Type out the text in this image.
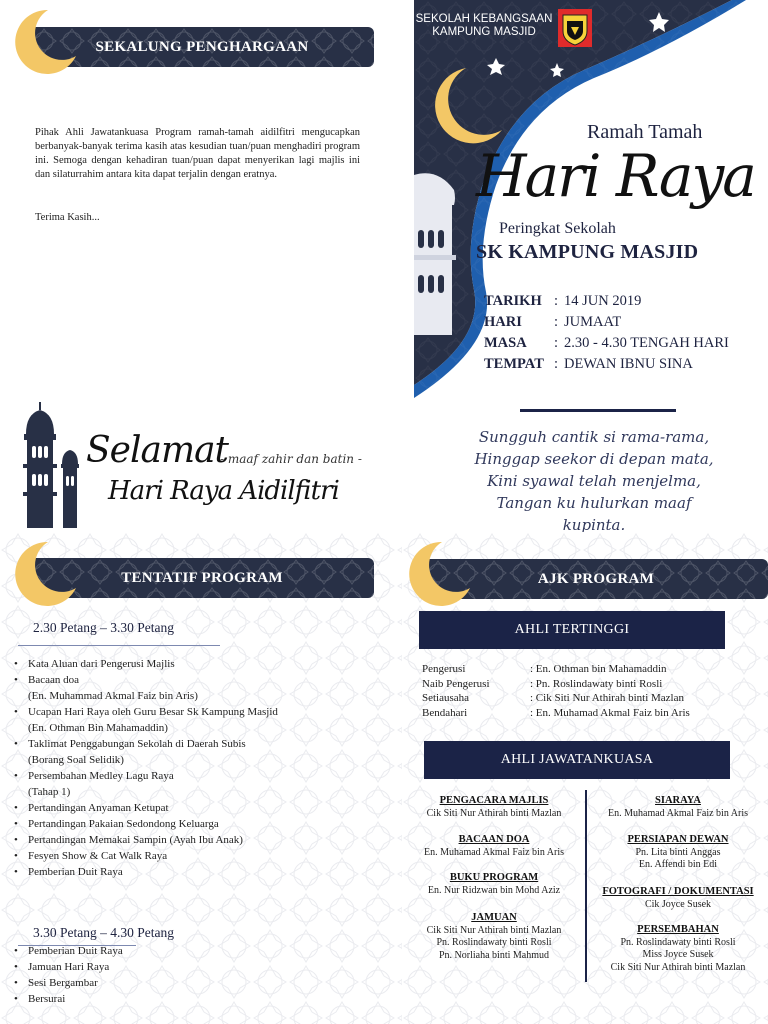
SEKALUNG PENGHARGAAN

Pihak Ahli Jawatankuasa Program ramah-tamah aidilfitri mengucapkan berbanyak-banyak terima kasih atas kesudian tuan/puan menghadiri program ini. Semoga dengan kehadiran tuan/puan dapat menyerikan lagi majlis ini dan silaturrahim antara kita dapat terjalin dengan eratnya.

Terima Kasih...

Selamat
- maaf zahir dan batin -
Hari Raya Aidilfitri
SEKOLAH KEBANGSAAN
KAMPUNG MASJID
Ramah Tamah
Hari Raya
Peringkat Sekolah
SK KAMPUNG MASJID
TARIKH : 14 JUN 2019
HARI	: JUMAAT
MASA	: 2.30 - 4.30 TENGAH HARI
TEMPAT : DEWAN IBNU SINA
Sungguh cantik si rama-rama,
Hinggap seekor di depan mata,
Kini syawal telah menjelma,
Tangan ku hulurkan maaf kupinta.
TENTATIF PROGRAM
2.30 Petang – 3.30 Petang
• Kata Aluan dari Pengerusi Majlis
• Bacaan doa
(En. Muhammad Akmal Faiz bin Aris)
• Ucapan Hari Raya oleh Guru Besar Sk Kampung Masjid
(En. Othman Bin Mahamaddin)
• Taklimat Penggabungan Sekolah di Daerah Subis
(Borang Soal Selidik)
• Persembahan Medley Lagu Raya
(Tahap 1)
• Pertandingan Anyaman Ketupat
• Pertandingan Pakaian Sedondong Keluarga
• Pertandingan Memakai Sampin (Ayah Ibu Anak)
• Fesyen Show & Cat Walk Raya
• Pemberian Duit Raya
3.30 Petang – 4.30 Petang
• Pemberian Duit Raya
• Jamuan Hari Raya
• Sesi Bergambar
• Bersurai
AJK PROGRAM
AHLI TERTINGGI
Pengerusi	: En. Othman bin Mahamaddin
Naib Pengerusi	: Pn. Roslindawaty binti Rosli
Setiausaha	: Cik Siti Nur Athirah binti Mazlan
Bendahari	: En. Muhamad Akmal Faiz bin Aris
AHLI JAWATANKUASA
PENGACARA MAJLIS
Cik Siti Nur Athirah binti Mazlan
BACAAN DOA
En. Muhamad Akmal Faiz bin Aris
BUKU PROGRAM
En. Nur Ridzwan bin Mohd Aziz
JAMUAN
Cik Siti Nur Athirah binti Mazlan
Pn. Roslindawaty binti Rosli
Pn. Norliaha binti Mahmud
SIARAYA
En. Muhamad Akmal Faiz bin Aris
PERSIAPAN DEWAN
Pn. Lita binti Anggas
En. Affendi bin Edi
FOTOGRAFI / DOKUMENTASI
Cik Joyce Susek
PERSEMBAHAN
Pn. Roslindawaty binti Rosli
Miss Joyce Susek
Cik Siti Nur Athirah binti Mazlan
